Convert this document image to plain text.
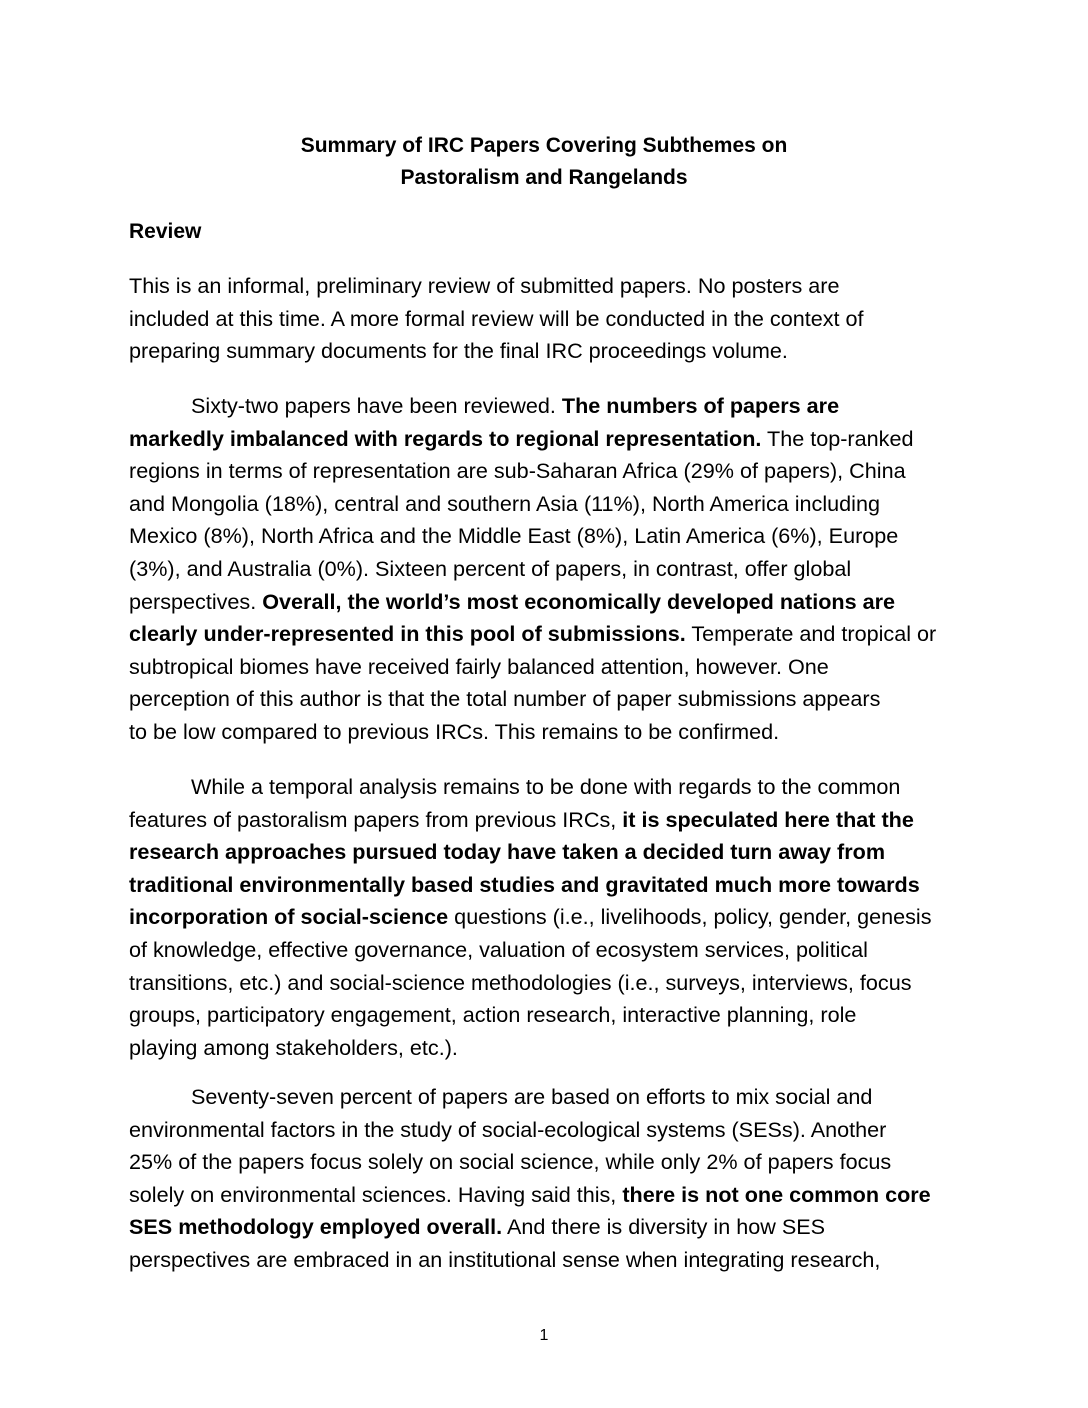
Summary of IRC Papers Covering Subthemes on
Pastoralism and Rangelands
Review

This is an informal, preliminary review of submitted papers. No posters are
included at this time. A more formal review will be conducted in the context of
preparing summary documents for the final IRC proceedings volume.

Sixty-two papers have been reviewed. The numbers of papers are
markedly imbalanced with regards to regional representation. The top-ranked
regions in terms of representation are sub-Saharan Africa (29% of papers), China
and Mongolia (18%), central and southern Asia (11%), North America including
Mexico (8%), North Africa and the Middle East (8%), Latin America (6%), Europe
(3%), and Australia (0%). Sixteen percent of papers, in contrast, offer global
perspectives. Overall, the world’s most economically developed nations are
clearly under-represented in this pool of submissions. Temperate and tropical or
subtropical biomes have received fairly balanced attention, however. One
perception of this author is that the total number of paper submissions appears
to be low compared to previous IRCs. This remains to be confirmed.

While a temporal analysis remains to be done with regards to the common
features of pastoralism papers from previous IRCs, it is speculated here that the
research approaches pursued today have taken a decided turn away from
traditional environmentally based studies and gravitated much more towards
incorporation of social-science questions (i.e., livelihoods, policy, gender, genesis
of knowledge, effective governance, valuation of ecosystem services, political
transitions, etc.) and social-science methodologies (i.e., surveys, interviews, focus
groups, participatory engagement, action research, interactive planning, role
playing among stakeholders, etc.).

Seventy-seven percent of papers are based on efforts to mix social and
environmental factors in the study of social-ecological systems (SESs). Another
25% of the papers focus solely on social science, while only 2% of papers focus
solely on environmental sciences. Having said this, there is not one common core
SES methodology employed overall. And there is diversity in how SES
perspectives are embraced in an institutional sense when integrating research,

1
